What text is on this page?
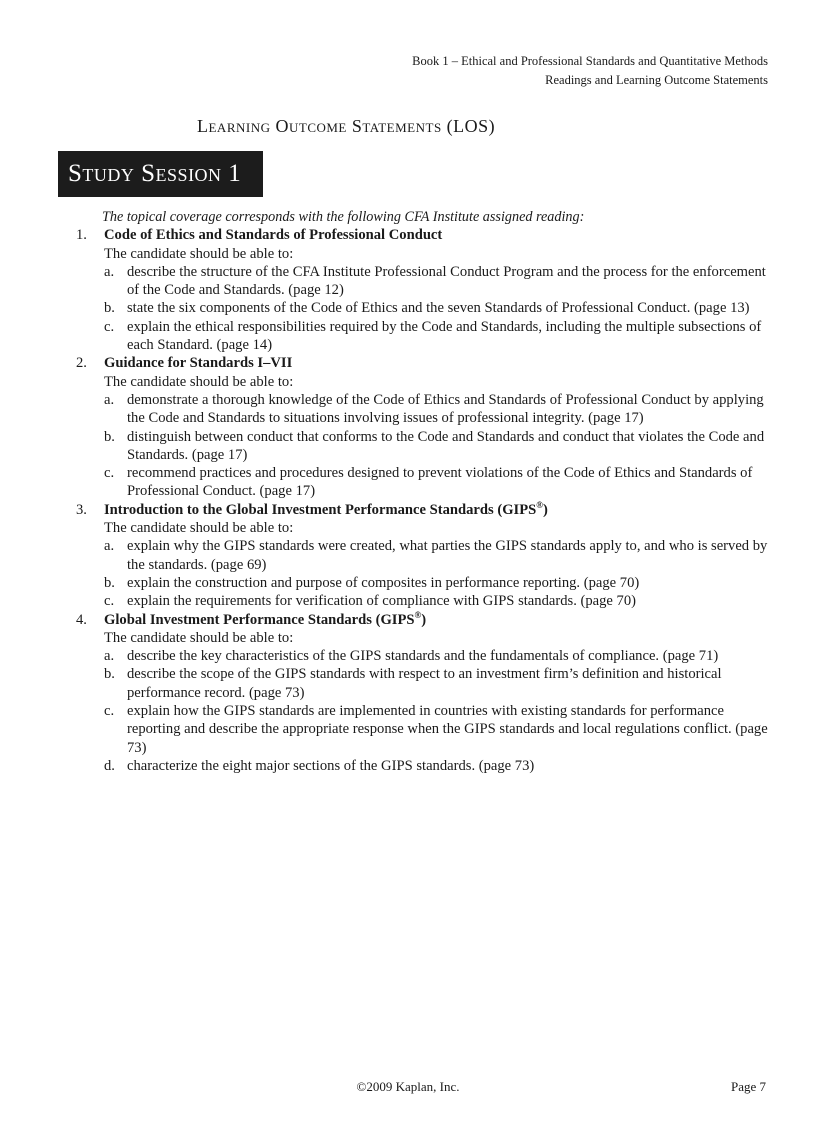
Book 1 – Ethical and Professional Standards and Quantitative Methods
Readings and Learning Outcome Statements
Learning Outcome Statements (LOS)
Study Session 1
The topical coverage corresponds with the following CFA Institute assigned reading:
1. Code of Ethics and Standards of Professional Conduct
The candidate should be able to:
a. describe the structure of the CFA Institute Professional Conduct Program and the process for the enforcement of the Code and Standards. (page 12)
b. state the six components of the Code of Ethics and the seven Standards of Professional Conduct. (page 13)
c. explain the ethical responsibilities required by the Code and Standards, including the multiple subsections of each Standard. (page 14)
2. Guidance for Standards I–VII
The candidate should be able to:
a. demonstrate a thorough knowledge of the Code of Ethics and Standards of Professional Conduct by applying the Code and Standards to situations involving issues of professional integrity. (page 17)
b. distinguish between conduct that conforms to the Code and Standards and conduct that violates the Code and Standards. (page 17)
c. recommend practices and procedures designed to prevent violations of the Code of Ethics and Standards of Professional Conduct. (page 17)
3. Introduction to the Global Investment Performance Standards (GIPS®)
The candidate should be able to:
a. explain why the GIPS standards were created, what parties the GIPS standards apply to, and who is served by the standards. (page 69)
b. explain the construction and purpose of composites in performance reporting. (page 70)
c. explain the requirements for verification of compliance with GIPS standards. (page 70)
4. Global Investment Performance Standards (GIPS®)
The candidate should be able to:
a. describe the key characteristics of the GIPS standards and the fundamentals of compliance. (page 71)
b. describe the scope of the GIPS standards with respect to an investment firm’s definition and historical performance record. (page 73)
c. explain how the GIPS standards are implemented in countries with existing standards for performance reporting and describe the appropriate response when the GIPS standards and local regulations conflict. (page 73)
d. characterize the eight major sections of the GIPS standards. (page 73)
©2009 Kaplan, Inc.	Page 7
